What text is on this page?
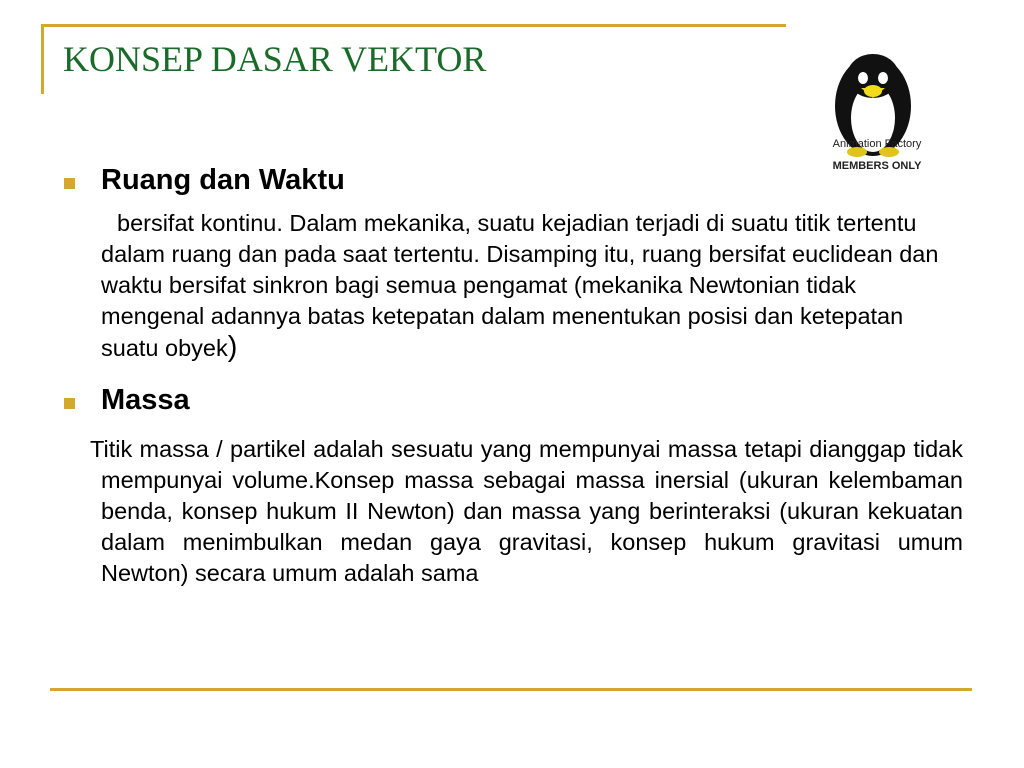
KONSEP DASAR VEKTOR
Animation Factory
MEMBERS ONLY
Ruang dan Waktu

bersifat kontinu. Dalam mekanika, suatu kejadian terjadi di suatu titik tertentu dalam ruang dan pada saat tertentu. Disamping itu, ruang bersifat euclidean dan waktu bersifat sinkron bagi semua pengamat (mekanika Newtonian tidak mengenal adannya batas ketepatan dalam menentukan posisi dan ketepatan suatu obyek)

Massa

Titik massa / partikel adalah sesuatu yang mempunyai massa tetapi dianggap tidak mempunyai volume.Konsep massa sebagai massa inersial (ukuran kelembaman benda, konsep hukum II Newton) dan massa yang berinteraksi (ukuran kekuatan dalam menimbulkan medan gaya gravitasi, konsep hukum gravitasi umum Newton) secara umum adalah sama
